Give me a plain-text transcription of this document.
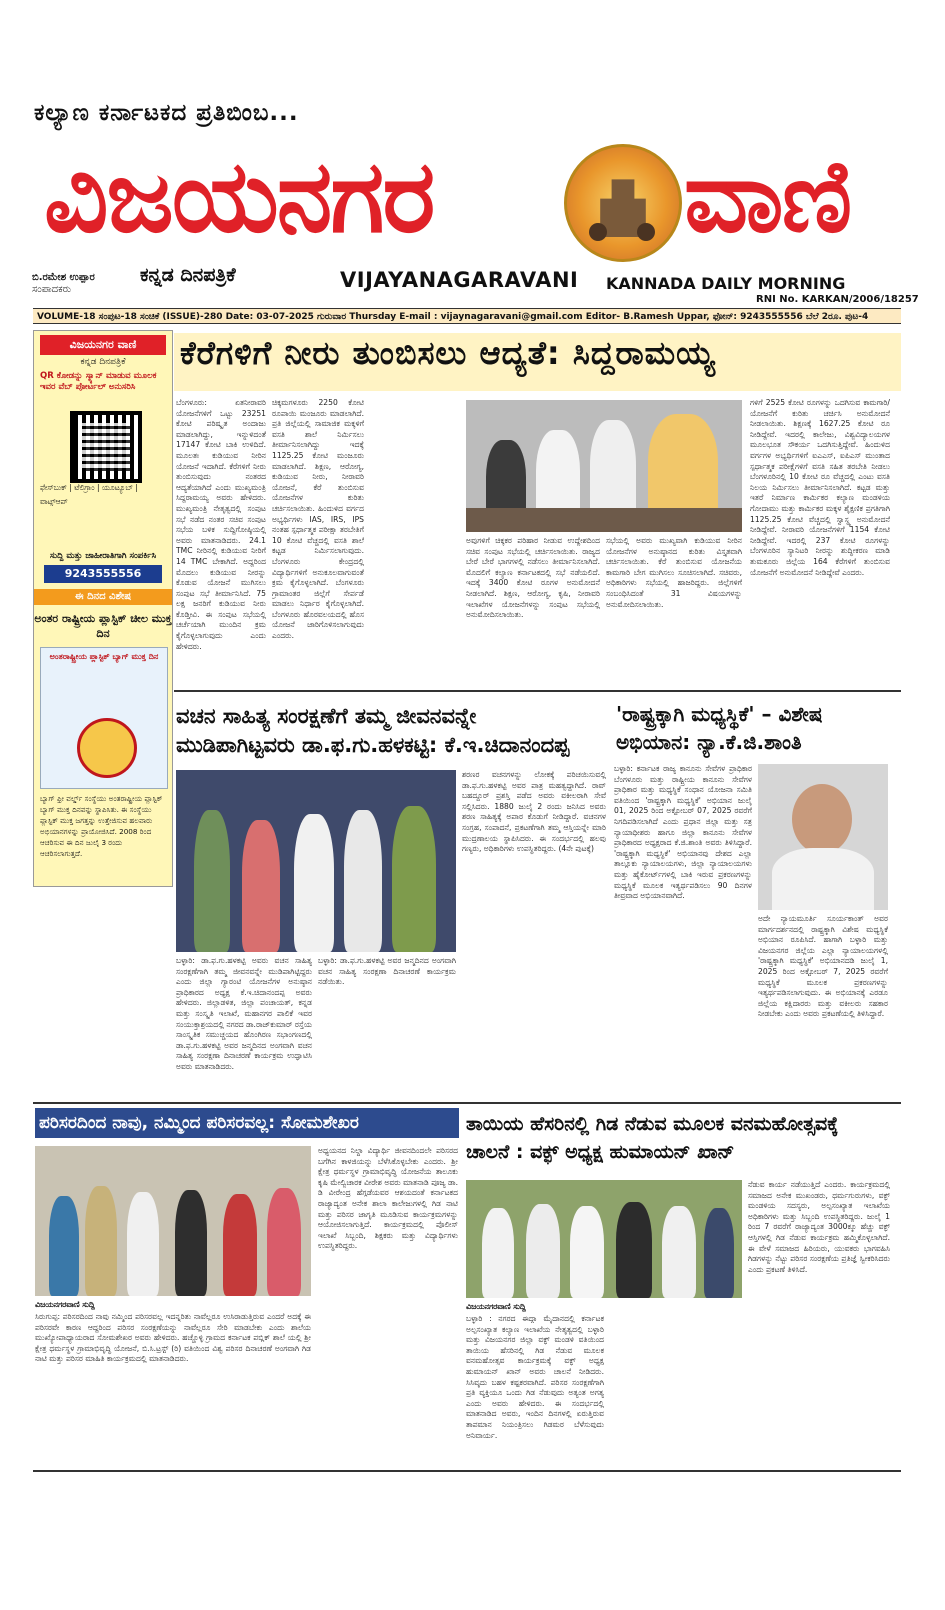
ಕಲ್ಯಾಣ ಕರ್ನಾಟಕದ ಪ್ರತಿಬಿಂಬ...
ವಿಜಯನಗರ	ವಾಣಿ
ಬಿ.ರಮೇಶ ಉಪ್ಪಾರ
ಸಂಪಾದಕರು
ಕನ್ನಡ ದಿನಪತ್ರಿಕೆ	VIJAYANAGARAVANI KANNADA DAILY MORNING
RNI No. KARKAN/2006/18257
VOLUME-18 ಸಂಪುಟ-18 ಸಂಚಿಕೆ (ISSUE)-280 Date: 03-07-2025 ಗುರುವಾರ Thursday E-mail : vijaynagaravani@gmail.com Editor- B.Ramesh Uppar, ಫೋನ್: 9243555556 ಬೆಲೆ 2ರೂ. ಪುಟ-4
ವಿಜಯನಗರ ವಾಣಿ
ಕನ್ನಡ ದಿನಪತ್ರಿಕೆ
QR ಕೋಡನ್ನು ಸ್ಕ್ಯಾನ್ ಮಾಡುವ ಮೂಲಕ ಇವರ ವೆಬ್ ಪೋರ್ಟಲ್ ಅನುಸರಿಸಿ
ಫೇಸ್‌ಬುಕ್ | ಟೆಲಿಗ್ರಾಂ | ಯೂಟ್ಯೂಬ್ | ವಾಟ್ಸ್‌ಆಪ್
ಸುದ್ದಿ ಮತ್ತು ಜಾಹೀರಾತಿಗಾಗಿ ಸಂಪರ್ಕಿಸಿ
9243555556
ಈ ದಿನದ ವಿಶೇಷ
ಅಂತರ ರಾಷ್ಟ್ರೀಯ ಪ್ಲಾಸ್ಟಿಕ್ ಚೀಲ ಮುಕ್ತ ದಿನ
ಅಂತರಾಷ್ಟ್ರೀಯ ಪ್ಲಾಸ್ಟಿಕ್ ಬ್ಯಾಗ್ ಮುಕ್ತ ದಿನ
ಬ್ಯಾಗ್ ಫ್ರೀ ವರ್ಲ್ಡ್ ಸಂಸ್ಥೆಯು ಅಂತರಾಷ್ಟ್ರೀಯ ಪ್ಲಾಸ್ಟಿಕ್ ಬ್ಯಾಗ್ ಮುಕ್ತ ದಿನವನ್ನು ಸ್ಥಾಪಿಸಿತು. ಈ ಸಂಸ್ಥೆಯು ಪ್ಲಾಸ್ಟಿಕ್ ಮುಕ್ತ ಜಗತ್ತನ್ನು ಉತ್ತೇಜಿಸುವ ಹಲವಾರು ಅಭಿಯಾನಗಳನ್ನು ಪ್ರಾಯೋಜಿಸಿದೆ. 2008 ರಿಂದ ಆಚರಿಸುವ ಈ ದಿನ ಜುಲೈ 3 ರಂದು ಆಚರಿಸಲಾಗುತ್ತದೆ.
ಕೆರೆಗಳಿಗೆ ನೀರು ತುಂಬಿಸಲು ಆದ್ಯತೆ: ಸಿದ್ದರಾಮಯ್ಯ
ಬೆಂಗಳೂರು: ಏತನೀರಾವರಿ ಯೋಜನೆಗಳಿಗೆ ಒಟ್ಟು 23251 ಕೋಟಿ ಪರಿಷ್ಕೃತ ಅಂದಾಜು ಮಾಡಲಾಗಿದ್ದು, ಇನ್ನುಳಿದಂತೆ 17147 ಕೋಟಿ ಬಾಕಿ ಉಳಿದಿದೆ. ಮೂಲತಃ ಕುಡಿಯುವ ನೀರಿನ ಯೋಜನೆ ಇದಾಗಿದೆ. ಕೆರೆಗಳಿಗೆ ನೀರು ತುಂಬಿಸುವುದು ನಂತರದ ಆದ್ಯತೆಯಾಗಿದೆ ಎಂದು ಮುಖ್ಯಮಂತ್ರಿ ಸಿದ್ದರಾಮಯ್ಯ ಅವರು ಹೇಳಿದರು. ಮುಖ್ಯಮಂತ್ರಿ ನೇತೃತ್ವದಲ್ಲಿ ಸಂಪುಟ ಸಭೆ ನಡೆದ ನಂತರ ಸಚಿವ ಸಂಪುಟ ಸಭೆಯ ಬಳಿಕ ಸುದ್ದಿಗೋಷ್ಠಿಯಲ್ಲಿ ಅವರು ಮಾತನಾಡಿದರು. 24.1 TMC ನೀರಿನಲ್ಲಿ ಕುಡಿಯುವ ನೀರಿಗೆ 14 TMC ಬೇಕಾಗಿದೆ. ಅದ್ದರಿಂದ ಮೊದಲು ಕುಡಿಯುವ ನೀರನ್ನು ಕೊಡುವ ಯೋಜನೆ ಮುಗಿಸಲು ಸಂಪುಟ ಸಭೆ ತೀರ್ಮಾನಿಸಿದೆ. 75 ಲಕ್ಷ ಜನರಿಗೆ ಕುಡಿಯುವ ನೀರು ಕೊಡ್ತೀವಿ. ಈ ಸಂಪುಟ ಸಭೆಯಲ್ಲಿ ಚರ್ಚೆಯಾಗಿ ಮುಂದಿನ ಕ್ರಮ ಕೈಗೊಳ್ಳಲಾಗುವುದು ಎಂದು ಹೇಳಿದರು.
ಚಿಕ್ಕಮಗಳೂರು 2250 ಕೋಟಿ ರೂಪಾಯಿ ಮಂಜೂರು ಮಾಡಲಾಗಿದೆ. ಪ್ರತಿ ಜಿಲ್ಲೆಯಲ್ಲಿ ಸಾಮಾಜಿಕ ಮಕ್ಕಳಿಗೆ ವಸತಿ ಶಾಲೆ ನಿರ್ಮಿಸಲು ತೀರ್ಮಾನಿಸಲಾಗಿದ್ದು ಇದಕ್ಕೆ 1125.25 ಕೋಟಿ ಮಂಜೂರು ಮಾಡಲಾಗಿದೆ. ಶಿಕ್ಷಣ, ಆರೋಗ್ಯ, ಕುಡಿಯುವ ನೀರು, ನೀರಾವರಿ ಯೋಜನೆ, ಕೆರೆ ತುಂಬಿಸುವ ಯೋಜನೆಗಳ ಕುರಿತು ಚರ್ಚಿಸಲಾಯಿತು. ಹಿಂದುಳಿದ ವರ್ಗದ ಅಭ್ಯರ್ಥಿಗಳು IAS, IRS, IPS ನಂತಹ ಸ್ಪರ್ಧಾತ್ಮಕ ಪರೀಕ್ಷಾ ತರಬೇತಿಗೆ 10 ಕೋಟಿ ವೆಚ್ಚದಲ್ಲಿ ವಸತಿ ಶಾಲೆ ಕಟ್ಟಡ ನಿರ್ಮಿಸಲಾಗುವುದು. ಬೆಂಗಳೂರು ಕೇಂದ್ರದಲ್ಲಿ ವಿದ್ಯಾರ್ಥಿಗಳಿಗೆ ಅನುಕೂಲವಾಗುವಂತೆ ಕ್ರಮ ಕೈಗೊಳ್ಳಲಾಗಿದೆ. ಬೆಂಗಳೂರು ಗ್ರಾಮಾಂತರ ಜಿಲ್ಲೆಗೆ ಸೇರ್ಪಡೆ ಮಾಡಲು ನಿರ್ಧಾರ ಕೈಗೊಳ್ಳಲಾಗಿದೆ. ಬೆಂಗಳೂರು ಹೊರವಲಯದಲ್ಲಿ ಹೊಸ ಯೋಜನೆ ಜಾರಿಗೊಳಿಸಲಾಗುವುದು ಎಂದರು.
ಅವುಗಳಿಗೆ ಚಿಕ್ಕಕರ ಪರಿಹಾರ ನೀಡುವ ಉದ್ದೇಶದಿಂದ ಸಚಿವ ಸಂಪುಟ ಸಭೆಯಲ್ಲಿ ಚರ್ಚಿಸಲಾಯಿತು. ರಾಜ್ಯದ ಬೇರೆ ಬೇರೆ ಭಾಗಗಳಲ್ಲಿ ನಡೆಸಲು ತೀರ್ಮಾನಿಸಲಾಗಿದೆ. ಮೊದಲಿಗೆ ಕಲ್ಯಾಣ ಕರ್ನಾಟಕದಲ್ಲಿ ಸಭೆ ನಡೆಯಲಿದೆ. ಇದಕ್ಕೆ 3400 ಕೋಟಿ ರೂಗಳ ಅನುಮೋದನೆ ನೀಡಲಾಗಿದೆ. ಶಿಕ್ಷಣ, ಆರೋಗ್ಯ, ಕೃಷಿ, ನೀರಾವರಿ ಇಲಾಖೆಗಳ ಯೋಜನೆಗಳನ್ನು ಸಂಪುಟ ಸಭೆಯಲ್ಲಿ ಅನುಮೋದಿಸಲಾಯಿತು.
ಸಭೆಯಲ್ಲಿ ಅವರು ಮುಖ್ಯವಾಗಿ ಕುಡಿಯುವ ನೀರಿನ ಯೋಜನೆಗಳ ಅನುಷ್ಠಾನದ ಕುರಿತು ವಿಸ್ತೃತವಾಗಿ ಚರ್ಚಿಸಲಾಯಿತು. ಕೆರೆ ತುಂಬಿಸುವ ಯೋಜನೆಯ ಕಾಮಗಾರಿ ಬೇಗ ಮುಗಿಸಲು ಸೂಚಿಸಲಾಗಿದೆ. ಸಚಿವರು, ಅಧಿಕಾರಿಗಳು ಸಭೆಯಲ್ಲಿ ಹಾಜರಿದ್ದರು. ಜಿಲ್ಲೆಗಳಿಗೆ ಸಂಬಂಧಿಸಿದಂತೆ 31 ವಿಷಯಗಳನ್ನು ಅನುಮೋದಿಸಲಾಯಿತು.
ಗಳಿಗೆ 2525 ಕೋಟಿ ರೂಗಳನ್ನು ಒದಗಿಸುವ ಕಾಮಗಾರಿ/ಯೋಜನೆಗೆ ಕುರಿತು ಚರ್ಚಿಸಿ ಅನುಮೋದನೆ ನೀಡಲಾಯಿತು. ಶಿಕ್ಷಣಕ್ಕೆ 1627.25 ಕೋಟಿ ರೂ ನೀಡಿದ್ದೇವೆ. ಇದರಲ್ಲಿ ಕಾಲೇಜು, ವಿಶ್ವವಿದ್ಯಾಲಯಗಳ ಮೂಲಭೂತ ಸೌಕರ್ಯ ಒದಗಿಸುತ್ತಿದ್ದೇವೆ. ಹಿಂದುಳಿದ ವರ್ಗಗಳ ಅಭ್ಯರ್ಥಿಗಳಿಗೆ ಐಎಎಸ್, ಐಪಿಎಸ್ ಮುಂತಾದ ಸ್ಪರ್ಧಾತ್ಮಕ ಪರೀಕ್ಷೆಗಳಿಗೆ ವಸತಿ ಸಹಿತ ತರಬೇತಿ ನೀಡಲು ಬೆಂಗಳೂರಿನಲ್ಲಿ 10 ಕೋಟಿ ರೂ ವೆಚ್ಚದಲ್ಲಿ ಎಂಟು ವಸತಿ ನಿಲಯ ನಿರ್ಮಿಸಲು ತೀರ್ಮಾನಿಸಲಾಗಿದೆ. ಕಟ್ಟಡ ಮತ್ತು ಇತರೆ ನಿರ್ಮಾಣ ಕಾರ್ಮಿಕರ ಕಲ್ಯಾಣ ಮಂಡಳಿಯ ಗೋದಾಮು ಮತ್ತು ಕಾರ್ಮಿಕರ ಮಕ್ಕಳ ಶೈಕ್ಷಣಿಕ ಪ್ರಗತಿಗಾಗಿ 1125.25 ಕೋಟಿ ವೆಚ್ಚದಲ್ಲಿ ಸ್ವಾಸ್ಥ್ಯ ಅನುಮೋದನೆ ನೀಡಿದ್ದೇವೆ. ನೀರಾವರಿ ಯೋಜನೆಗಳಿಗೆ 1154 ಕೋಟಿ ನೀಡಿದ್ದೇವೆ. ಇದರಲ್ಲಿ 237 ಕೋಟಿ ರೂಗಳನ್ನು ಬೆಂಗಳೂರಿನ ಸ್ಯಾನಿಟರಿ ನೀರನ್ನು ಶುದ್ಧೀಕರಣ ಮಾಡಿ ತುಮಕೂರು ಜಿಲ್ಲೆಯ 164 ಕೆರೆಗಳಿಗೆ ತುಂಬಿಸುವ ಯೋಜನೆಗೆ ಅನುಮೋದನೆ ನೀಡಿದ್ದೇವೆ ಎಂದರು.
ವಚನ ಸಾಹಿತ್ಯ ಸಂರಕ್ಷಣೆಗೆ ತಮ್ಮ ಜೀವನವನ್ನೇ
ಮುಡಿಪಾಗಿಟ್ಟವರು ಡಾ.ಫ.ಗು.ಹಳಕಟ್ಟಿ: ಕೆ.ಇ.ಚಿದಾನಂದಪ್ಪ
ಬಳ್ಳಾರಿ: ಡಾ.ಫ.ಗು.ಹಳಕಟ್ಟಿ ಅವರು ವಚನ ಸಾಹಿತ್ಯ ಸಂರಕ್ಷಣೆಗಾಗಿ ತಮ್ಮ ಜೀವನವನ್ನೇ ಮುಡಿಪಾಗಿಟ್ಟಿದ್ದರು ಎಂದು ಜಿಲ್ಲಾ ಗ್ಯಾರಂಟಿ ಯೋಜನೆಗಳ ಅನುಷ್ಠಾನ ಪ್ರಾಧಿಕಾರದ ಅಧ್ಯಕ್ಷ ಕೆ.ಇ.ಚಿದಾನಂದಪ್ಪ ಅವರು ಹೇಳಿದರು. ಜಿಲ್ಲಾಡಳಿತ, ಜಿಲ್ಲಾ ಪಂಚಾಯತ್, ಕನ್ನಡ ಮತ್ತು ಸಂಸ್ಕೃತಿ ಇಲಾಖೆ, ಮಹಾನಗರ ಪಾಲಿಕೆ ಇವರ ಸಂಯುಕ್ತಾಶ್ರಯದಲ್ಲಿ ನಗರದ ಡಾ.ರಾಜ್‌ಕುಮಾರ್ ರಸ್ತೆಯ ಸಾಂಸ್ಕೃತಿಕ ಸಮುಚ್ಚಯದ ಹೊಂಗಿರಣ ಸಭಾಂಗಣದಲ್ಲಿ ಡಾ.ಫ.ಗು.ಹಳಕಟ್ಟಿ ಅವರ ಜನ್ಮದಿನದ ಅಂಗವಾಗಿ ವಚನ ಸಾಹಿತ್ಯ ಸಂರಕ್ಷಣಾ ದಿನಾಚರಣೆ ಕಾರ್ಯಕ್ರಮ ಉದ್ಘಾಟಿಸಿ ಅವರು ಮಾತನಾಡಿದರು.
ಬಳ್ಳಾರಿ: ಡಾ.ಫ.ಗು.ಹಳಕಟ್ಟಿ ಅವರ ಜನ್ಮದಿನದ ಅಂಗವಾಗಿ ವಚನ ಸಾಹಿತ್ಯ ಸಂರಕ್ಷಣಾ ದಿನಾಚರಣೆ ಕಾರ್ಯಕ್ರಮ ನಡೆಯಿತು.
ಶರಣರ ವಚನಗಳನ್ನು ಲೋಕಕ್ಕೆ ಪರಿಚಯಿಸುವಲ್ಲಿ ಡಾ.ಫ.ಗು.ಹಳಕಟ್ಟಿ ಅವರ ಪಾತ್ರ ಮಹತ್ವದ್ದಾಗಿದೆ. ರಾವ್ ಬಹದ್ದೂರ್ ಪ್ರಶಸ್ತಿ ಪಡೆದ ಅವರು ವಕೀಲರಾಗಿ ಸೇವೆ ಸಲ್ಲಿಸಿದರು. 1880 ಜುಲೈ 2 ರಂದು ಜನಿಸಿದ ಅವರು ಶರಣ ಸಾಹಿತ್ಯಕ್ಕೆ ಅಪಾರ ಕೊಡುಗೆ ನೀಡಿದ್ದಾರೆ. ವಚನಗಳ ಸಂಗ್ರಹ, ಸಂಪಾದನೆ, ಪ್ರಕಟಣೆಗಾಗಿ ತಮ್ಮ ಆಸ್ತಿಯನ್ನೇ ಮಾರಿ ಮುದ್ರಣಾಲಯ ಸ್ಥಾಪಿಸಿದರು. ಈ ಸಂದರ್ಭದಲ್ಲಿ ಹಲವು ಗಣ್ಯರು, ಅಧಿಕಾರಿಗಳು ಉಪಸ್ಥಿತರಿದ್ದರು. (4ನೇ ಪುಟಕ್ಕೆ)
'ರಾಷ್ಟ್ರಕ್ಕಾಗಿ ಮಧ್ಯಸ್ಥಿಕೆ' – ವಿಶೇಷ
ಅಭಿಯಾನ: ನ್ಯಾ.ಕೆ.ಜಿ.ಶಾಂತಿ
ಬಳ್ಳಾರಿ: ಕರ್ನಾಟಕ ರಾಜ್ಯ ಕಾನೂನು ಸೇವೆಗಳ ಪ್ರಾಧಿಕಾರ ಬೆಂಗಳೂರು ಮತ್ತು ರಾಷ್ಟ್ರೀಯ ಕಾನೂನು ಸೇವೆಗಳ ಪ್ರಾಧಿಕಾರ ಮತ್ತು ಮಧ್ಯಸ್ಥಿಕೆ ಸಂಧಾನ ಯೋಜನಾ ಸಮಿತಿ ವತಿಯಿಂದ 'ರಾಷ್ಟ್ರಕ್ಕಾಗಿ ಮಧ್ಯಸ್ಥಿಕೆ' ಅಭಿಯಾನ ಜುಲೈ 01, 2025 ರಿಂದ ಅಕ್ಟೋಬರ್ 07, 2025 ರವರೆಗೆ ನಿಗದಿಪಡಿಸಲಾಗಿದೆ ಎಂದು ಪ್ರಧಾನ ಜಿಲ್ಲಾ ಮತ್ತು ಸತ್ರ ನ್ಯಾಯಾಧೀಶರು ಹಾಗೂ ಜಿಲ್ಲಾ ಕಾನೂನು ಸೇವೆಗಳ ಪ್ರಾಧಿಕಾರದ ಅಧ್ಯಕ್ಷರಾದ ಕೆ.ಜಿ.ಶಾಂತಿ ಅವರು ತಿಳಿಸಿದ್ದಾರೆ. 'ರಾಷ್ಟ್ರಕ್ಕಾಗಿ ಮಧ್ಯಸ್ಥಿಕೆ' ಅಭಿಯಾನವು ದೇಶದ ಎಲ್ಲಾ ತಾಲ್ಲೂಕು ನ್ಯಾಯಾಲಯಗಳು, ಜಿಲ್ಲಾ ನ್ಯಾಯಾಲಯಗಳು ಮತ್ತು ಹೈಕೋರ್ಟ್‌ಗಳಲ್ಲಿ ಬಾಕಿ ಇರುವ ಪ್ರಕರಣಗಳನ್ನು ಮಧ್ಯಸ್ಥಿಕೆ ಮೂಲಕ ಇತ್ಯರ್ಥಪಡಿಸಲು 90 ದಿನಗಳ ತೀವ್ರವಾದ ಅಭಿಯಾನವಾಗಿದೆ.
ಅದೇ ನ್ಯಾಯಮೂರ್ತಿ ಸೂರ್ಯಕಾಂತ್ ಅವರ ಮಾರ್ಗದರ್ಶನದಲ್ಲಿ ರಾಷ್ಟ್ರಕ್ಕಾಗಿ ವಿಶೇಷ ಮಧ್ಯಸ್ಥಿಕೆ ಅಭಿಯಾನ ರೂಪಿಸಿದೆ. ಹಾಗಾಗಿ ಬಳ್ಳಾರಿ ಮತ್ತು ವಿಜಯನಗರ ಜಿಲ್ಲೆಯ ಎಲ್ಲಾ ನ್ಯಾಯಾಲಯಗಳಲ್ಲಿ 'ರಾಷ್ಟ್ರಕ್ಕಾಗಿ ಮಧ್ಯಸ್ಥಿಕೆ' ಅಭಿಯಾನದಡಿ ಜುಲೈ 1, 2025 ರಿಂದ ಅಕ್ಟೋಬರ್ 7, 2025 ರವರೆಗೆ ಮಧ್ಯಸ್ಥಿಕೆ ಮೂಲಕ ಪ್ರಕರಣಗಳನ್ನು ಇತ್ಯರ್ಥಪಡಿಸಲಾಗುವುದು. ಈ ಅಭಿಯಾನಕ್ಕೆ ಎರಡೂ ಜಿಲ್ಲೆಯ ಕಕ್ಷಿದಾರರು ಮತ್ತು ವಕೀಲರು ಸಹಕಾರ ನೀಡಬೇಕು ಎಂದು ಅವರು ಪ್ರಕಟಣೆಯಲ್ಲಿ ತಿಳಿಸಿದ್ದಾರೆ.
ಪರಿಸರದಿಂದ ನಾವು, ನಮ್ಮಿಂದ ಪರಿಸರವಲ್ಲ: ಸೋಮಶೇಖರ
ಅಧ್ಯಯನದ ನಿಲ್ದಾ ವಿದ್ಯಾರ್ಥಿ ಜೀವನದಿಂದಲೇ ಪರಿಸರದ ಬಗೆಗಿನ ಕಾಳಜಿಯನ್ನು ಬೆಳೆಸಿಕೊಳ್ಳಬೇಕು ಎಂದರು. ಶ್ರೀ ಕ್ಷೇತ್ರ ಧರ್ಮಸ್ಥಳ ಗ್ರಾಮಾಭಿವೃದ್ಧಿ ಯೋಜನೆಯ ತಾಲೂಕು ಕೃಷಿ ಮೇಲ್ವಿಚಾರಕ ವೀರೇಶ ಅವರು ಮಾತನಾಡಿ ಪೂಜ್ಯ ಡಾ. ಡಿ ವೀರೇಂದ್ರ ಹೆಗ್ಗಡೆಯವರ ಆಶಯದಂತೆ ಕರ್ನಾಟಕದ ರಾಜ್ಯಾದ್ಯಂತ ಅನೇಕ ಶಾಲಾ ಕಾಲೇಜುಗಳಲ್ಲಿ ಗಿಡ ನಾಟಿ ಮತ್ತು ಪರಿಸರ ಜಾಗೃತಿ ಮೂಡಿಸುವ ಕಾರ್ಯಕ್ರಮಗಳನ್ನು ಆಯೋಜಿಸಲಾಗುತ್ತಿದೆ. ಕಾರ್ಯಕ್ರಮದಲ್ಲಿ ಪೊಲೀಸ್ ಇಲಾಖೆ ಸಿಬ್ಬಂದಿ, ಶಿಕ್ಷಕರು ಮತ್ತು ವಿದ್ಯಾರ್ಥಿಗಳು ಉಪಸ್ಥಿತರಿದ್ದರು.
ವಿಜಯನಗರವಾಣಿ ಸುದ್ದಿ
ಸಿರುಗುಪ್ಪ: ಪರಿಸರದಿಂದ ನಾವು ನಮ್ಮಿಂದ ಪರಿಸರವಲ್ಲ ಇದನ್ನರಿತು ನಾವೆಲ್ಲರೂ ಉಸಿರಾಡುತ್ತಿರುವ ಎಂದರೆ ಅದಕ್ಕೆ ಈ ಪರಿಸರವೇ ಕಾರಣ ಆದ್ದರಿಂದ ಪರಿಸರ ಸಂರಕ್ಷಣೆಯನ್ನು ನಾವೆಲ್ಲರೂ ಸೇರಿ ಮಾಡಬೇಕು ಎಂದು ಶಾಲೆಯ ಮುಖ್ಯೋಪಾಧ್ಯಾಯರಾದ ಸೋಮಶೇಖರ ಅವರು ಹೇಳಿದರು. ಹಚ್ಚೊಳ್ಳಿ ಗ್ರಾಮದ ಕರ್ನಾಟಕ ಪಬ್ಲಿಕ್ ಶಾಲೆ ಯಲ್ಲಿ ಶ್ರೀ ಕ್ಷೇತ್ರ ಧರ್ಮಸ್ಥಳ ಗ್ರಾಮಾಭಿವೃದ್ಧಿ ಯೋಜನೆ, ಬಿ.ಸಿ.ಟ್ರಸ್ಟ್ (ರಿ) ವತಿಯಿಂದ ವಿಶ್ವ ಪರಿಸರ ದಿನಾಚರಣೆ ಅಂಗವಾಗಿ ಗಿಡ ನಾಟಿ ಮತ್ತು ಪರಿಸರ ಮಾಹಿತಿ ಕಾರ್ಯಕ್ರಮದಲ್ಲಿ ಮಾತನಾಡಿದರು.
ತಾಯಿಯ ಹೆಸರಿನಲ್ಲಿ ಗಿಡ ನೆಡುವ ಮೂಲಕ ವನಮಹೋತ್ಸವಕ್ಕೆ
ಚಾಲನೆ : ವಕ್ಫ್ ಅಧ್ಯಕ್ಷ ಹುಮಾಯನ್ ಖಾನ್
ವಿಜಯನಗರವಾಣಿ ಸುದ್ದಿ
ಬಳ್ಳಾರಿ : ನಗರದ ಈದ್ಗಾ ಮೈದಾನದಲ್ಲಿ ಕರ್ನಾಟಕ ಅಲ್ಪಸಂಖ್ಯಾತ ಕಲ್ಯಾಣ ಇಲಾಖೆಯ ನೇತೃತ್ವದಲ್ಲಿ ಬಳ್ಳಾರಿ ಮತ್ತು ವಿಜಯನಗರ ಜಿಲ್ಲಾ ವಕ್ಫ್ ಮಂಡಳಿ ವತಿಯಿಂದ ತಾಯಿಯ ಹೆಸರಿನಲ್ಲಿ ಗಿಡ ನೆಡುವ ಮೂಲಕ ವನಮಹೋತ್ಸವ ಕಾರ್ಯಕ್ರಮಕ್ಕೆ ವಕ್ಫ್ ಅಧ್ಯಕ್ಷ ಹುಮಾಯನ್ ಖಾನ್ ಅವರು ಚಾಲನೆ ನೀಡಿದರು. ಸಿಸಿವೃದು ಬಹಳ ಕಷ್ಟಕರವಾಗಿದೆ. ಪರಿಸರ ಸಂರಕ್ಷಣೆಗಾಗಿ ಪ್ರತಿ ವ್ಯಕ್ತಿಯೂ ಒಂದು ಗಿಡ ನೆಡುವುದು ಅತ್ಯಂತ ಅಗತ್ಯ ಎಂದು ಅವರು ಹೇಳಿದರು. ಈ ಸಂದರ್ಭದಲ್ಲಿ ಮಾತನಾಡಿದ ಅವರು, ಇಂದಿನ ದಿನಗಳಲ್ಲಿ ಏರುತ್ತಿರುವ ತಾಪಮಾನ ನಿಯಂತ್ರಿಸಲು ಗಿಡಮರ ಬೆಳೆಸುವುದು ಅನಿವಾರ್ಯ.
ನೆಡುವ ಕಾರ್ಯ ನಡೆಯುತ್ತಿದೆ ಎಂದರು. ಕಾರ್ಯಕ್ರಮದಲ್ಲಿ ಸಮಾಜದ ಅನೇಕ ಮುಖಂಡರು, ಧರ್ಮಗುರುಗಳು, ವಕ್ಫ್ ಮಂಡಳಿಯ ಸದಸ್ಯರು, ಅಲ್ಪಸಂಖ್ಯಾತ ಇಲಾಖೆಯ ಅಧಿಕಾರಿಗಳು ಮತ್ತು ಸಿಬ್ಬಂದಿ ಉಪಸ್ಥಿತರಿದ್ದರು. ಜುಲೈ 1 ರಿಂದ 7 ರವರೆಗೆ ರಾಜ್ಯಾದ್ಯಂತ 3000ಕ್ಕೂ ಹೆಚ್ಚು ವಕ್ಫ್ ಆಸ್ತಿಗಳಲ್ಲಿ ಗಿಡ ನೆಡುವ ಕಾರ್ಯಕ್ರಮ ಹಮ್ಮಿಕೊಳ್ಳಲಾಗಿದೆ. ಈ ವೇಳೆ ಸಮಾಜದ ಹಿರಿಯರು, ಯುವಕರು ಭಾಗವಹಿಸಿ ಗಿಡಗಳನ್ನು ನೆಟ್ಟು ಪರಿಸರ ಸಂರಕ್ಷಣೆಯ ಪ್ರತಿಜ್ಞೆ ಸ್ವೀಕರಿಸಿದರು ಎಂದು ಪ್ರಕಟಣೆ ತಿಳಿಸಿದೆ.
